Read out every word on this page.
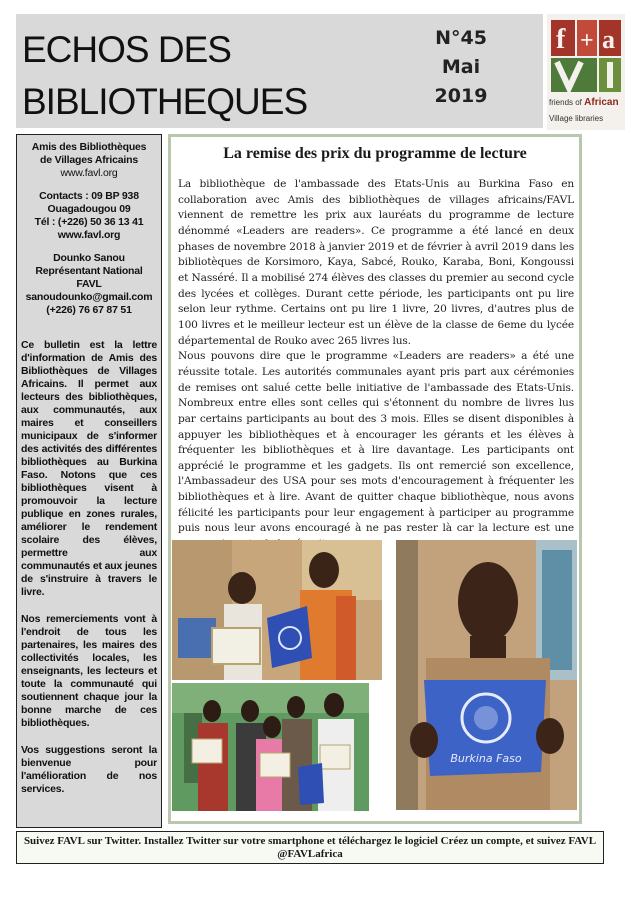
ECHOS DES
BIBLIOTHEQUES
N°45
Mai
2019
f + a
friends of African
Village libraries
Amis des Bibliothèques
de Villages Africains
www.favl.org
Contacts : 09 BP 938
Ouagadougou 09
Tél : (+226) 50 36 13 41
www.favl.org
Dounko Sanou
Représentant National
FAVL
sanoudounko@gmail.com
(+226) 76 67 87 51

Ce bulletin est la lettre d'information de Amis des Bibliothèques de Villages Africains. Il permet aux lecteurs des bibliothèques, aux communautés, aux maires et conseillers municipaux de s'informer des activités des différentes bibliothèques au Burkina Faso. Notons que ces bibliothèques visent à promouvoir la lecture publique en zones rurales, améliorer le rendement scolaire des élèves, permettre aux communautés et aux jeunes de s'instruire à travers le livre.

Nos remerciements vont à l'endroit de tous les partenaires, les maires des collectivités locales, les enseignants, les lecteurs et toute la communauté qui soutiennent chaque jour la bonne marche de ces bibliothèques.

Vos suggestions seront la bienvenue pour l'amélioration de nos services.

La remise des prix du programme de lecture

La bibliothèque de l'ambassade des Etats-Unis au Burkina Faso en collaboration avec Amis des bibliothèques de villages africains/FAVL viennent de remettre les prix aux lauréats du programme de lecture dénommé «Leaders are readers». Ce programme a été lancé en deux phases de novembre 2018 à janvier 2019 et de février à avril 2019 dans les bibliotèques de Korsimoro, Kaya, Sabcé, Rouko, Karaba, Boni, Kongoussi et Nasséré. Il a mobilisé 274 élèves des classes du premier au second cycle des lycées et collèges. Durant cette période, les participants ont pu lire selon leur rythme. Certains ont pu lire 1 livre, 20 livres, d'autres plus de 100 livres et le meilleur lecteur est un élève de la classe de 6eme du lycée départemental de Rouko avec 265 livres lus.

Nous pouvons dire que le programme «Leaders are readers» a été une réussite totale. Les autorités communales ayant pris part aux cérémonies de remises ont salué cette belle initiative de l'ambassade des Etats-Unis. Nombreux entre elles sont celles qui s'étonnent du nombre de livres lus par certains participants au bout des 3 mois. Elles se disent disponibles à appuyer les bibliothèques et à encourager les gérants et les élèves à fréquenter les bibliothèques et à lire davantage. Les participants ont apprécié le programme et les gadgets. Ils ont remercié son excellence, l'Ambassadeur des USA pour ses mots d'encouragement à fréquenter les bibliothèques et à lire. Avant de quitter chaque bibliothèque, nous avons félicité les participants pour leur engagement à participer au programme puis nous leur avons encouragé à ne pas rester là car la lecture est une

Burkina Faso
Suivez FAVL sur Twitter. Installez Twitter sur votre smartphone et téléchargez le logiciel Créez un compte, et suivez FAVL @FAVLafrica
